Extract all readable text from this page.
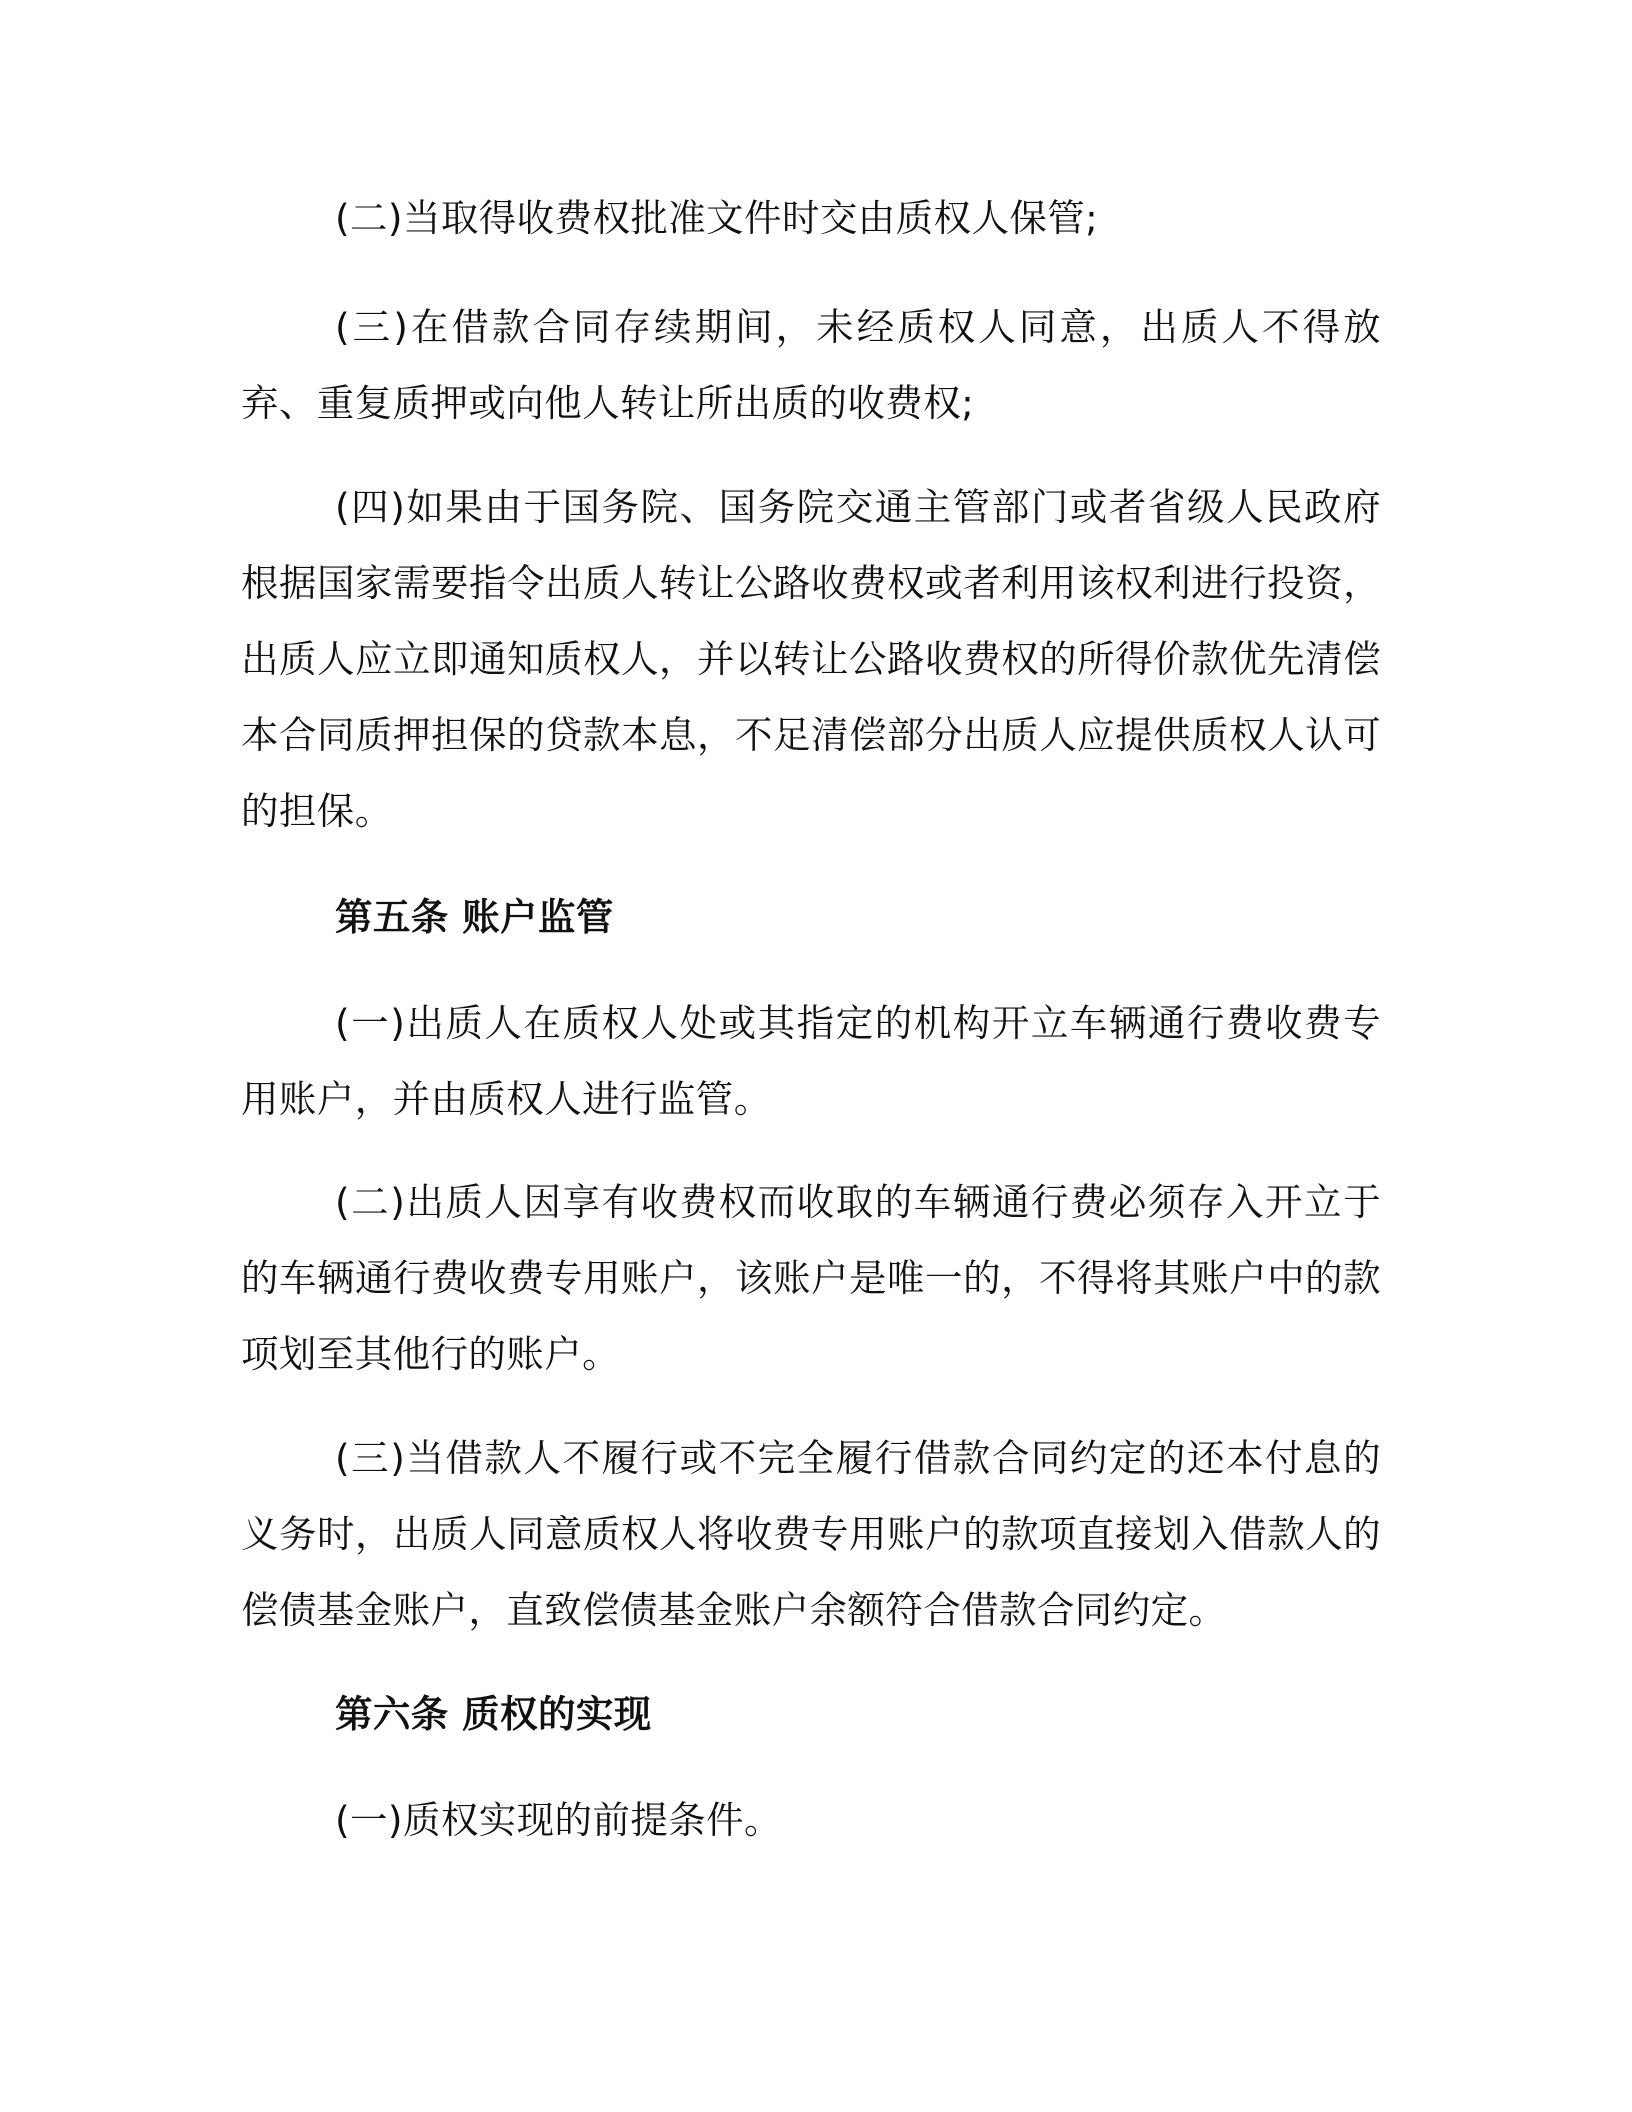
(二)当取得收费权批准文件时交由质权人保管;

(三)在借款合同存续期间，未经质权人同意，出质人不得放弃、重复质押或向他人转让所出质的收费权;

(四)如果由于国务院、国务院交通主管部门或者省级人民政府根据国家需要指令出质人转让公路收费权或者利用该权利进行投资，出质人应立即通知质权人，并以转让公路收费权的所得价款优先清偿本合同质押担保的贷款本息，不足清偿部分出质人应提供质权人认可的担保。

第五条 账户监管

(一)出质人在质权人处或其指定的机构开立车辆通行费收费专用账户，并由质权人进行监管。

(二)出质人因享有收费权而收取的车辆通行费必须存入开立于的车辆通行费收费专用账户，该账户是唯一的，不得将其账户中的款项划至其他行的账户。

(三)当借款人不履行或不完全履行借款合同约定的还本付息的义务时，出质人同意质权人将收费专用账户的款项直接划入借款人的偿债基金账户，直致偿债基金账户余额符合借款合同约定。

第六条 质权的实现

(一)质权实现的前提条件。
